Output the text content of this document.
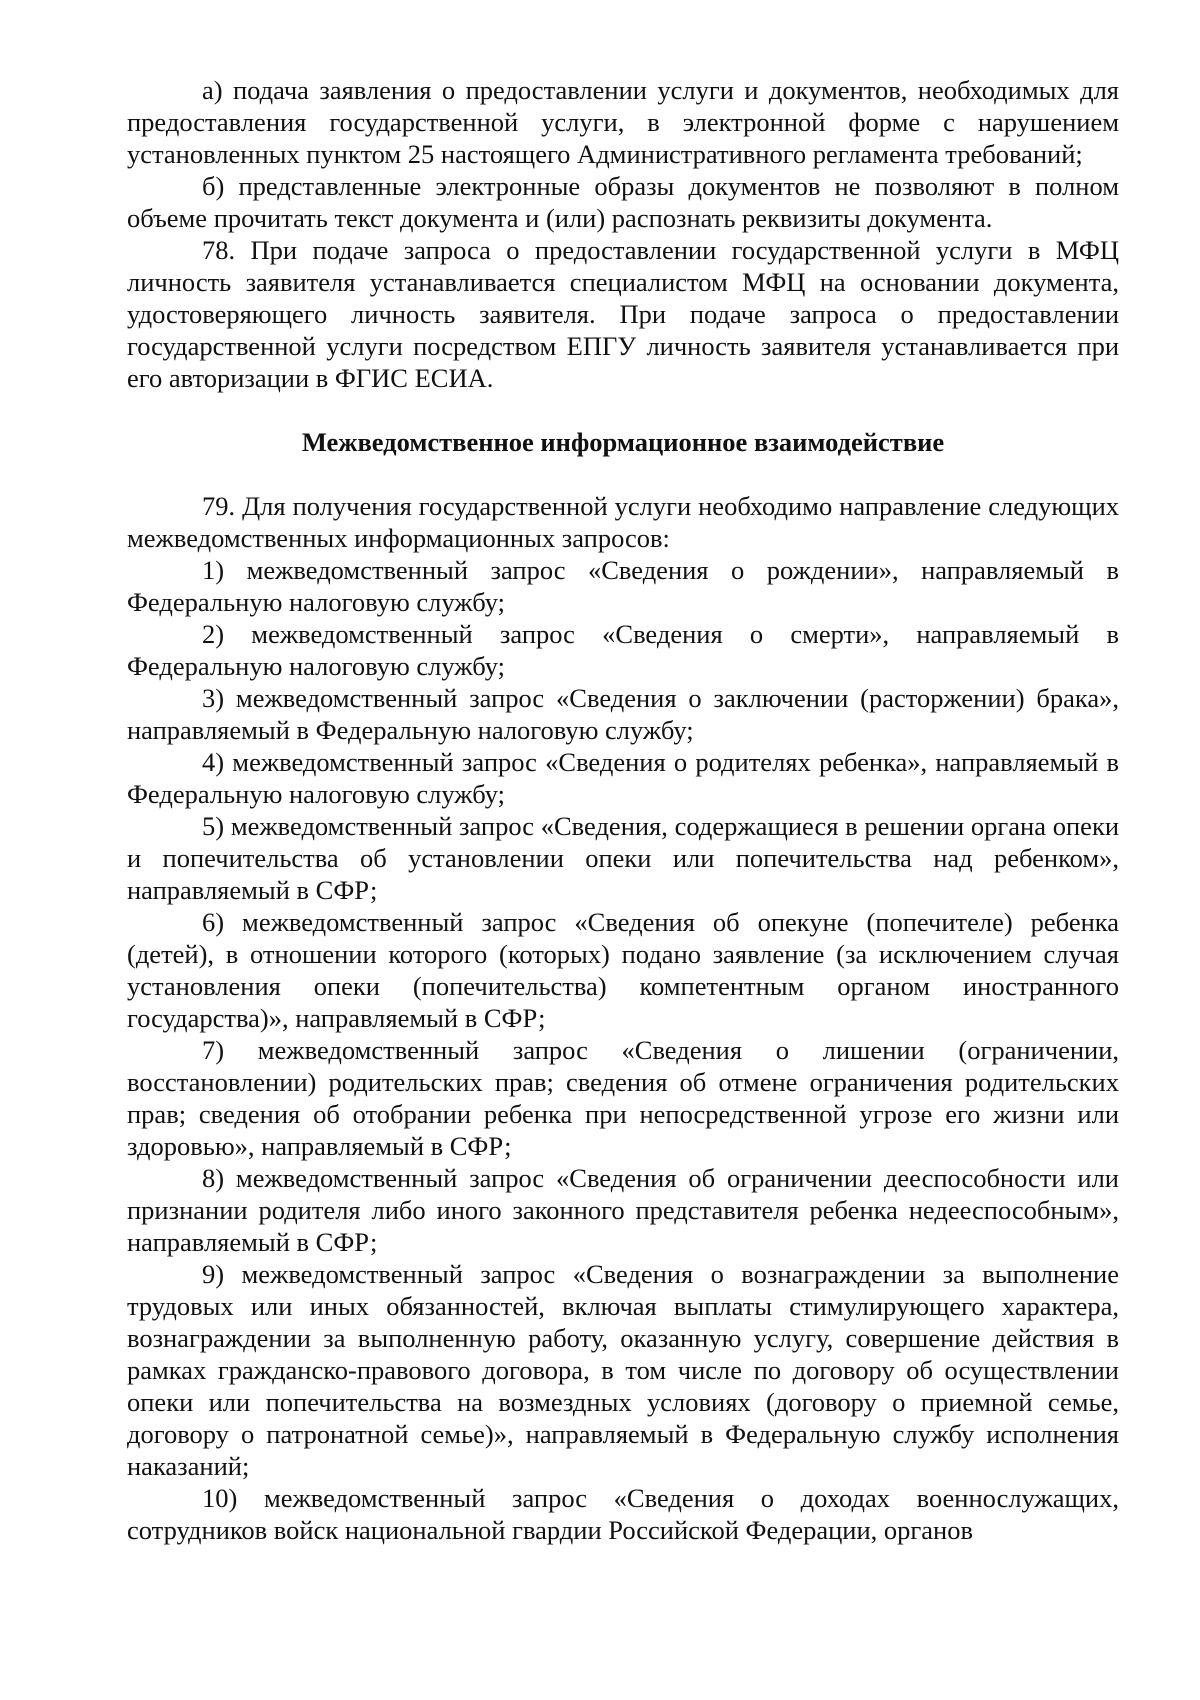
а) подача заявления о предоставлении услуги и документов, необходимых для предоставления государственной услуги, в электронной форме с нарушением установленных пунктом 25 настоящего Административного регламента требований;

б) представленные электронные образы документов не позволяют в полном объеме прочитать текст документа и (или) распознать реквизиты документа.

78. При подаче запроса о предоставлении государственной услуги в МФЦ личность заявителя устанавливается специалистом МФЦ на основании документа, удостоверяющего личность заявителя. При подаче запроса о предоставлении государственной услуги посредством ЕПГУ личность заявителя устанавливается при его авторизации в ФГИС ЕСИА.

Межведомственное информационное взаимодействие

79. Для получения государственной услуги необходимо направление следующих межведомственных информационных запросов:

1) межведомственный запрос «Сведения о рождении», направляемый в Федеральную налоговую службу;

2) межведомственный запрос «Сведения о смерти», направляемый в Федеральную налоговую службу;

3) межведомственный запрос «Сведения о заключении (расторжении) брака», направляемый в Федеральную налоговую службу;

4) межведомственный запрос «Сведения о родителях ребенка», направляемый в Федеральную налоговую службу;

5) межведомственный запрос «Сведения, содержащиеся в решении органа опеки и попечительства об установлении опеки или попечительства над ребенком», направляемый в СФР;

6) межведомственный запрос «Сведения об опекуне (попечителе) ребенка (детей), в отношении которого (которых) подано заявление (за исключением случая установления опеки (попечительства) компетентным органом иностранного государства)», направляемый в СФР;

7) межведомственный запрос «Сведения о лишении (ограничении, восстановлении) родительских прав; сведения об отмене ограничения родительских прав; сведения об отобрании ребенка при непосредственной угрозе его жизни или здоровью», направляемый в СФР;

8) межведомственный запрос «Сведения об ограничении дееспособности или признании родителя либо иного законного представителя ребенка недееспособным», направляемый в СФР;

9) межведомственный запрос «Сведения о вознаграждении за выполнение трудовых или иных обязанностей, включая выплаты стимулирующего характера, вознаграждении за выполненную работу, оказанную услугу, совершение действия в рамках гражданско-правового договора, в том числе по договору об осуществлении опеки или попечительства на возмездных условиях (договору о приемной семье, договору о патронатной семье)», направляемый в Федеральную службу исполнения наказаний;

10) межведомственный запрос «Сведения о доходах военнослужащих, сотрудников войск национальной гвардии Российской Федерации, органов
